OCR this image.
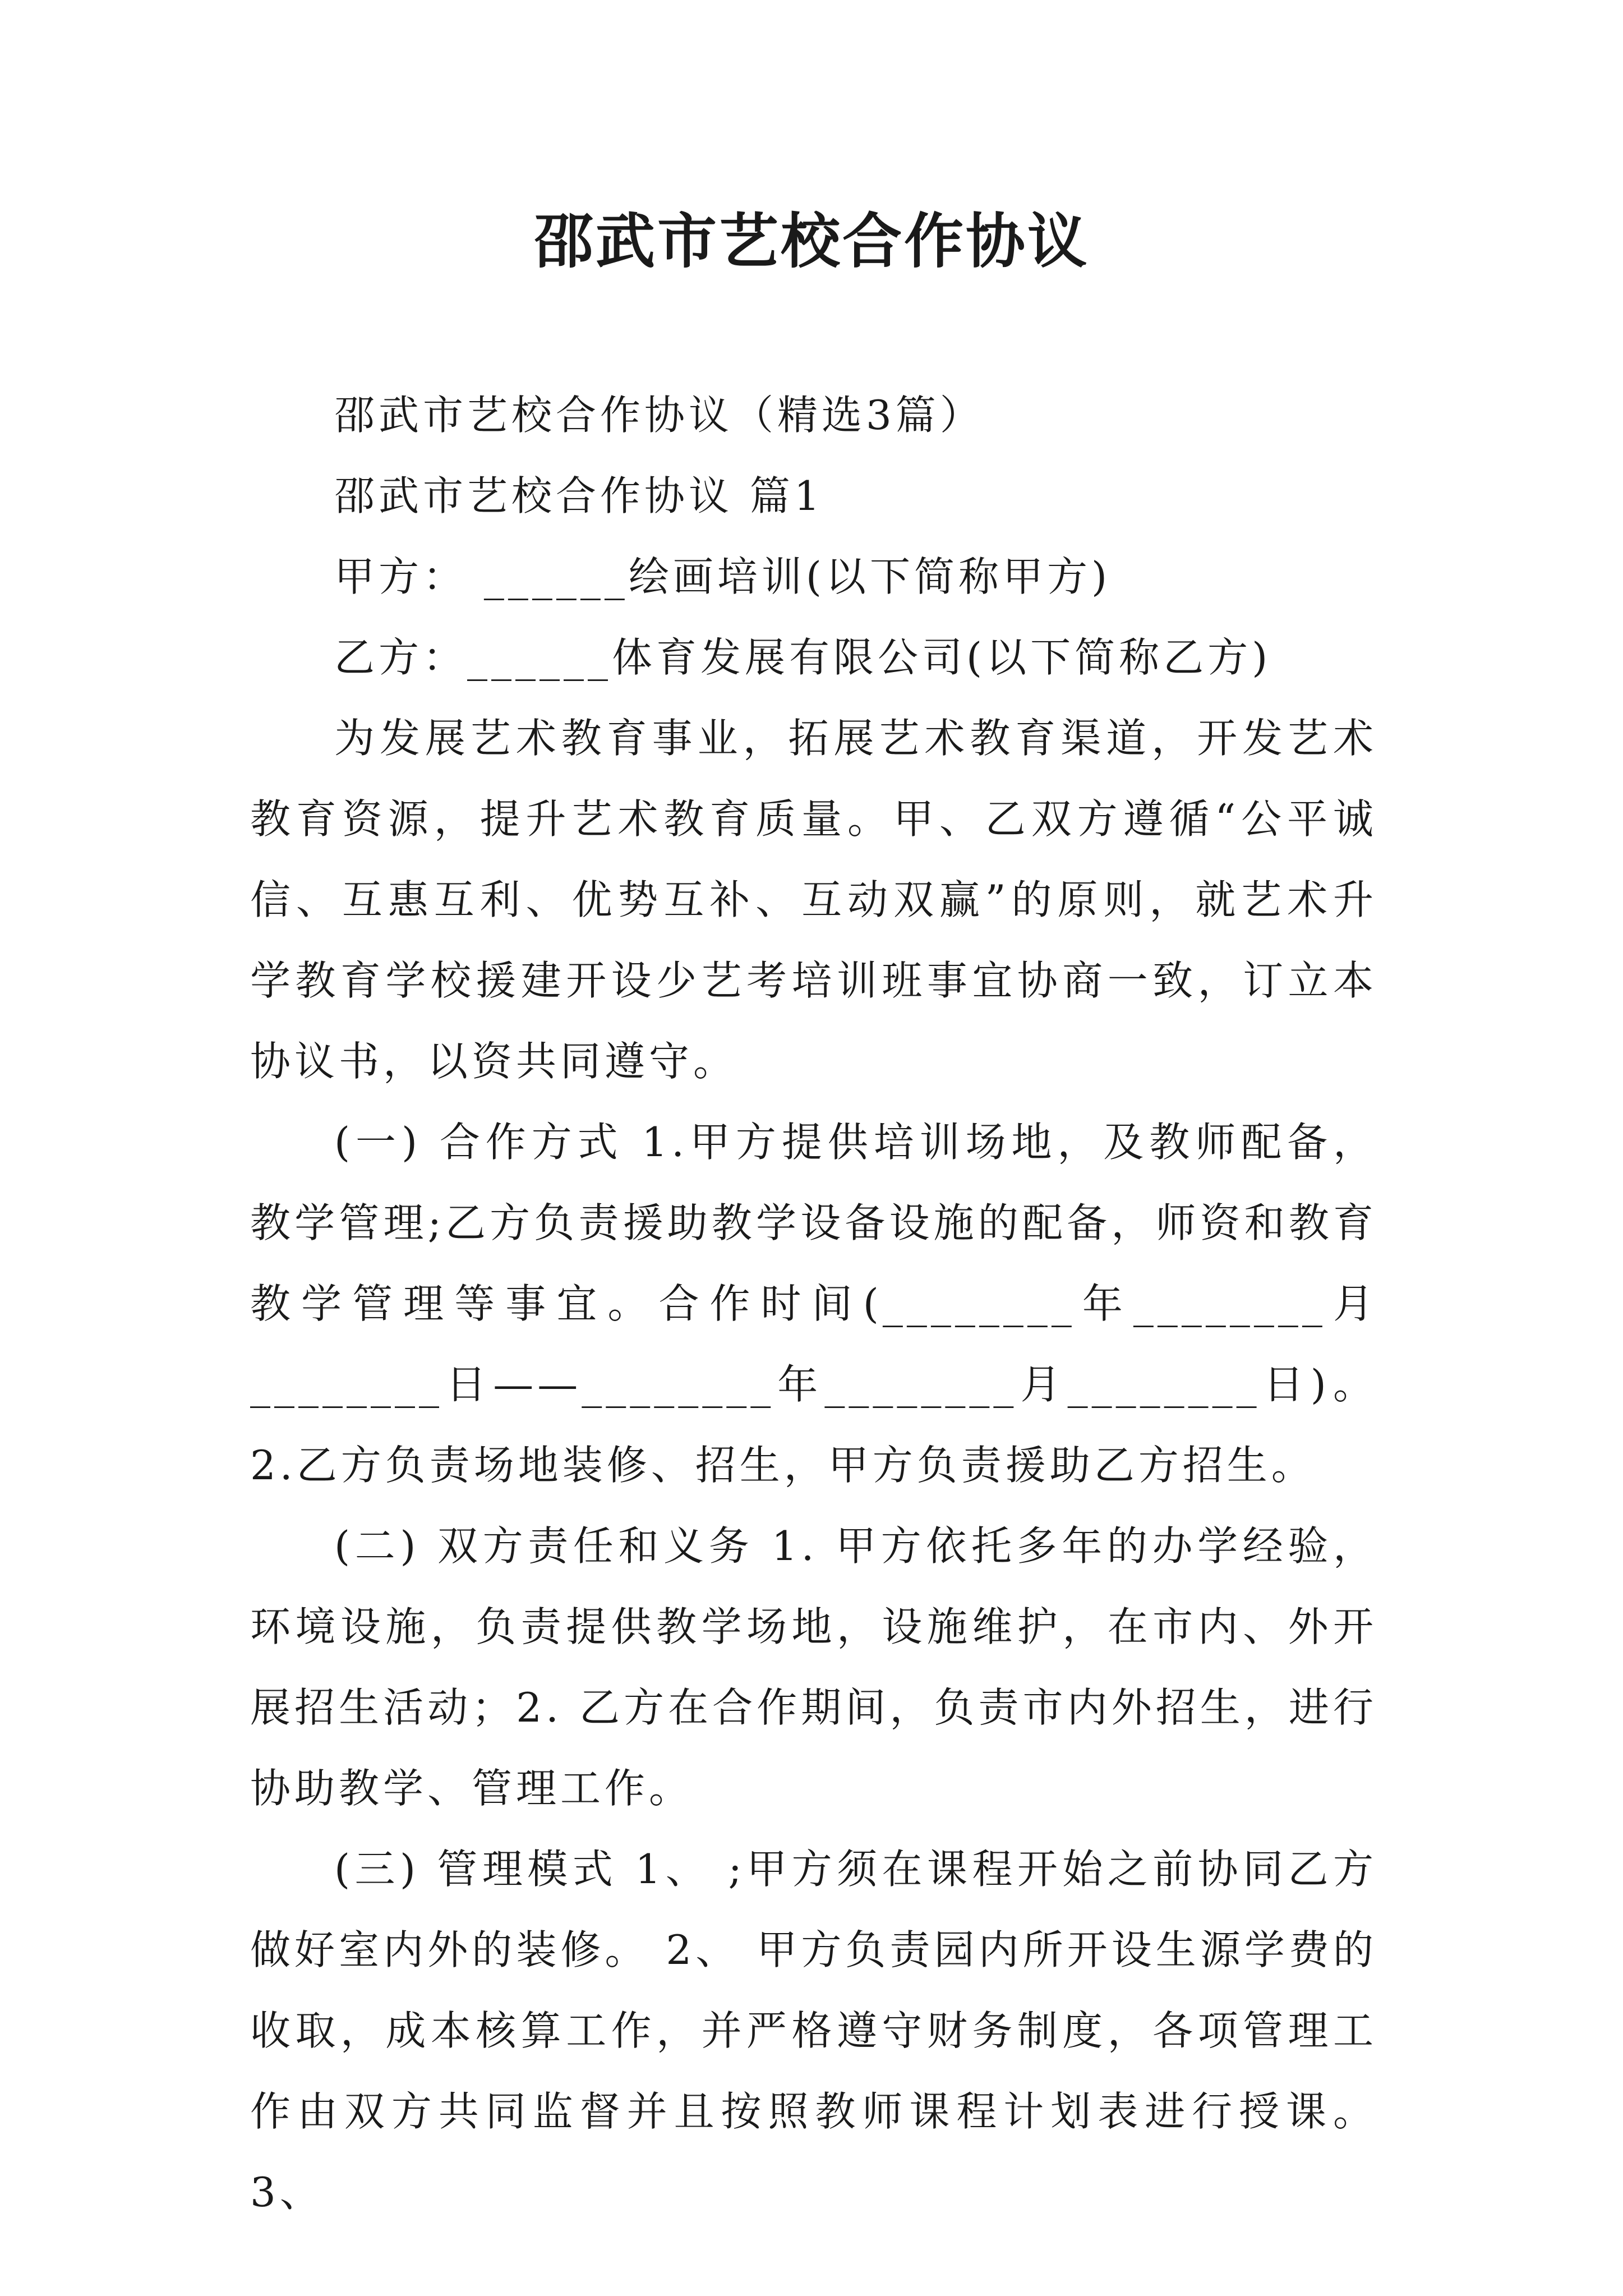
邵武市艺校合作协议

邵武市艺校合作协议（精选3篇）

邵武市艺校合作协议 篇1

甲方： ______绘画培训(以下简称甲方)

乙方：______体育发展有限公司(以下简称乙方)

为发展艺术教育事业，拓展艺术教育渠道，开发艺术教育资源，提升艺术教育质量。甲、乙双方遵循“公平诚信、互惠互利、优势互补、互动双赢”的原则，就艺术升学教育学校援建开设少艺考培训班事宜协商一致，订立本协议书，以资共同遵守。

(一) 合作方式 1.甲方提供培训场地，及教师配备，教学管理;乙方负责援助教学设备设施的配备，师资和教育教学管理等事宜。合作时间(________年________月________日——________年________月________日)。 2.乙方负责场地装修、招生，甲方负责援助乙方招生。

(二) 双方责任和义务 1. 甲方依托多年的办学经验，环境设施，负责提供教学场地，设施维护，在市内、外开展招生活动；2. 乙方在合作期间，负责市内外招生，进行协助教学、管理工作。

(三) 管理模式 1、 ;甲方须在课程开始之前协同乙方做好室内外的装修。 2、 甲方负责园内所开设生源学费的收取，成本核算工作，并严格遵守财务制度，各项管理工作由双方共同监督并且按照教师课程计划表进行授课。 3、
